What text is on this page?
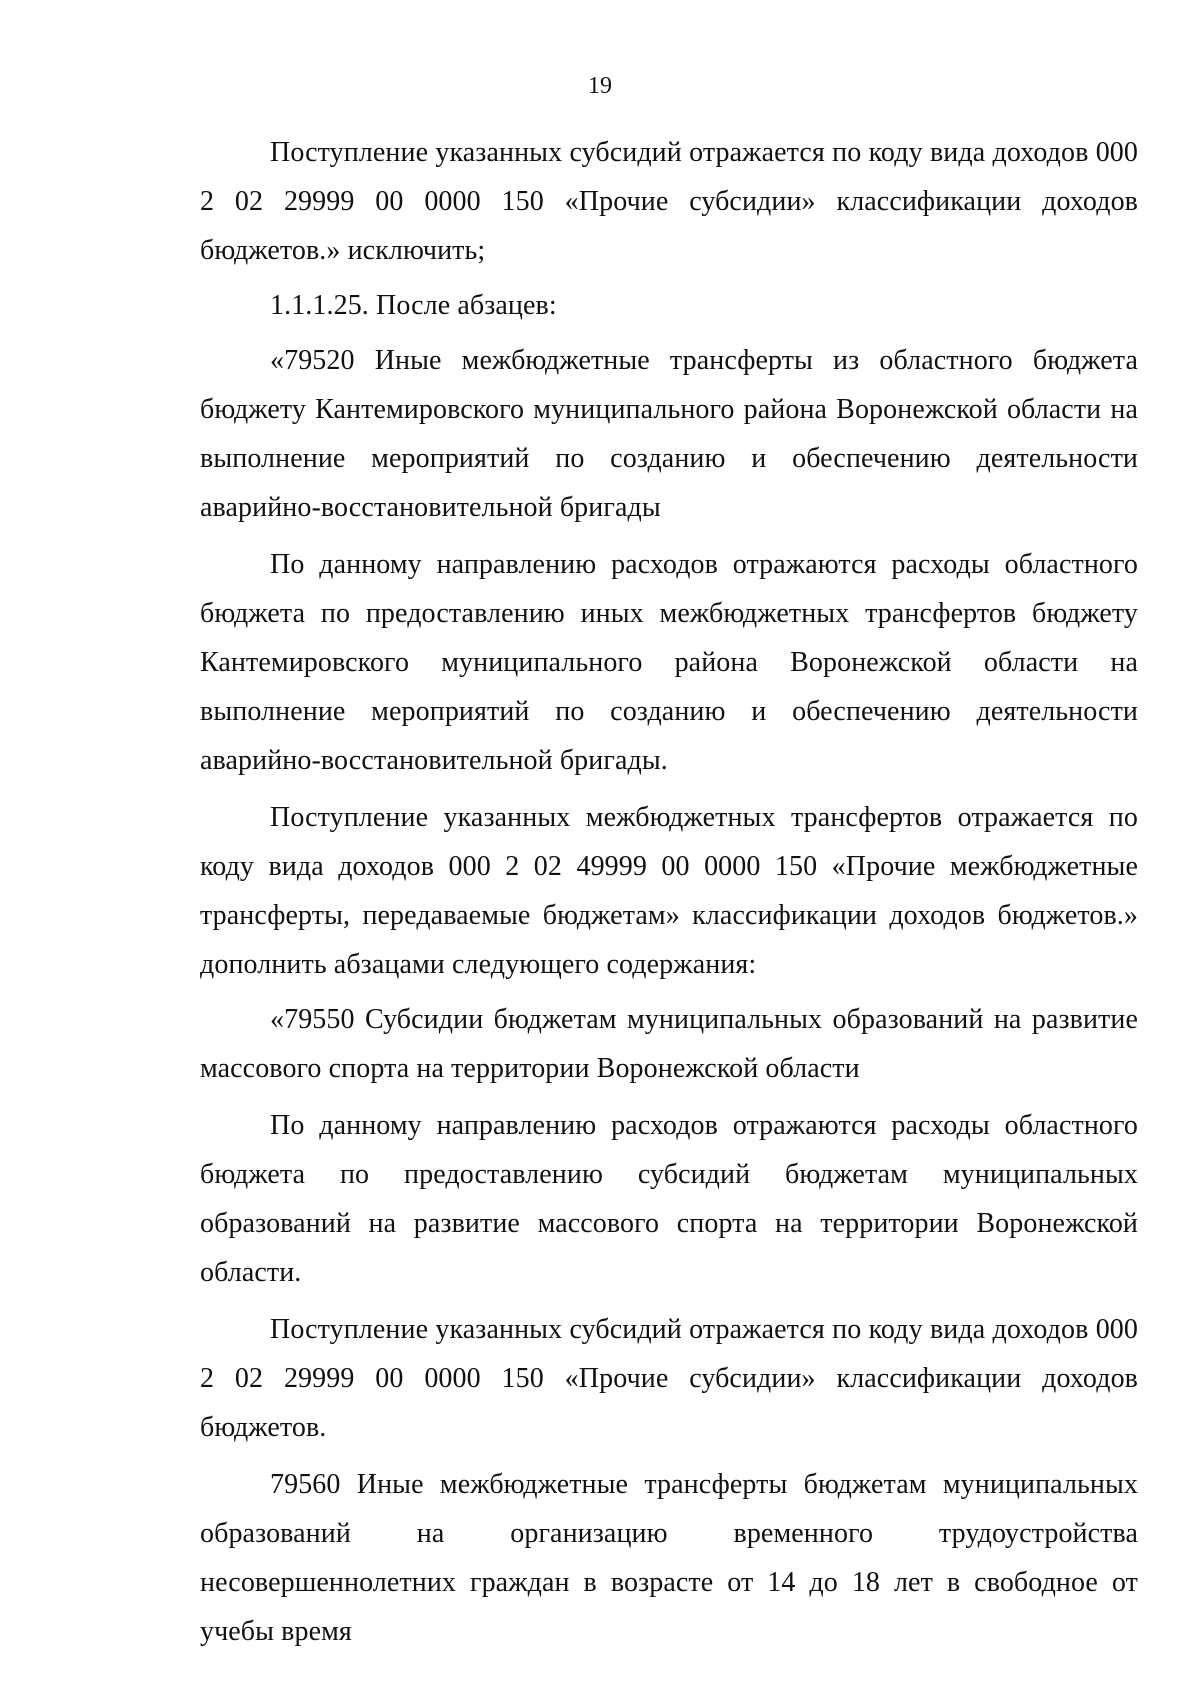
19

Поступление указанных субсидий отражается по коду вида доходов 000 2 02 29999 00 0000 150 «Прочие субсидии» классификации доходов бюджетов.» исключить;

1.1.1.25. После абзацев:

«79520 Иные межбюджетные трансферты из областного бюджета бюджету Кантемировского муниципального района Воронежской области на выполнение мероприятий по созданию и обеспечению деятельности аварийно-восстановительной бригады

По данному направлению расходов отражаются расходы областного бюджета по предоставлению иных межбюджетных трансфертов бюджету Кантемировского муниципального района Воронежской области на выполнение мероприятий по созданию и обеспечению деятельности аварийно-восстановительной бригады.

Поступление указанных межбюджетных трансфертов отражается по коду вида доходов 000 2 02 49999 00 0000 150 «Прочие межбюджетные трансферты, передаваемые бюджетам» классификации доходов бюджетов.» дополнить абзацами следующего содержания:

«79550 Субсидии бюджетам муниципальных образований на развитие массового спорта на территории Воронежской области

По данному направлению расходов отражаются расходы областного бюджета по предоставлению субсидий бюджетам муниципальных образований на развитие массового спорта на территории Воронежской области.

Поступление указанных субсидий отражается по коду вида доходов 000 2 02 29999 00 0000 150 «Прочие субсидии» классификации доходов бюджетов.

79560 Иные межбюджетные трансферты бюджетам муниципальных образований на организацию временного трудоустройства несовершеннолетних граждан в возрасте от 14 до 18 лет в свободное от учебы время
